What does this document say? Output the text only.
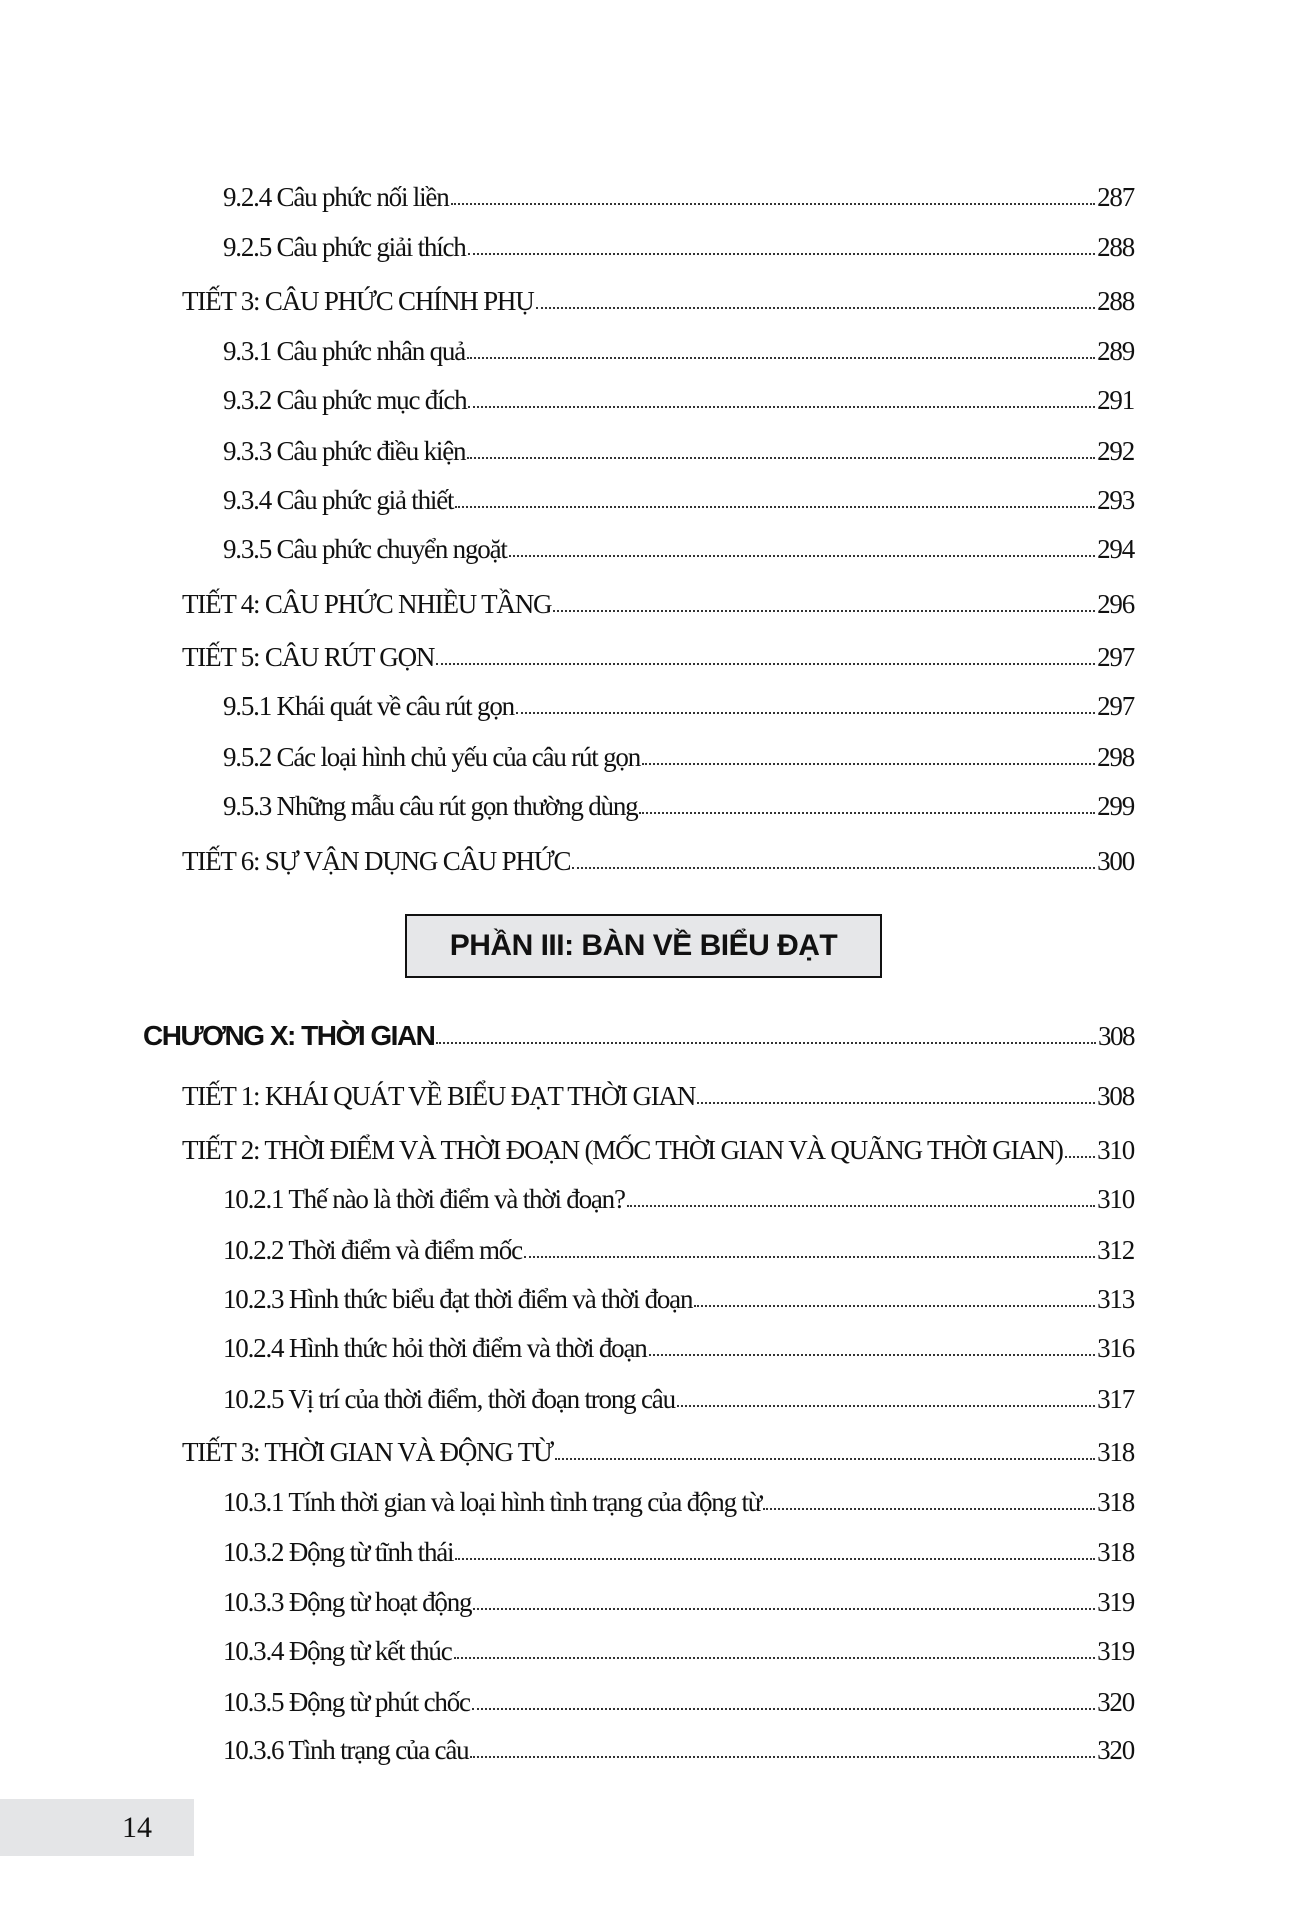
9.2.4 Câu phức nối liền	287
9.2.5 Câu phức giải thích	288
TIẾT 3: CÂU PHỨC CHÍNH PHỤ	288
9.3.1 Câu phức nhân quả	289
9.3.2 Câu phức mục đích	291
9.3.3 Câu phức điều kiện	292
9.3.4 Câu phức giả thiết	293
9.3.5 Câu phức chuyển ngoặt	294
TIẾT 4: CÂU PHỨC NHIỀU TẦNG	296
TIẾT 5: CÂU RÚT GỌN	297
9.5.1 Khái quát về câu rút gọn	297
9.5.2 Các loại hình chủ yếu của câu rút gọn	298
9.5.3 Những mẫu câu rút gọn thường dùng	299
TIẾT 6: SỰ VẬN DỤNG CÂU PHỨC	300
CHƯƠNG X: THỜI GIAN	308
TIẾT 1: KHÁI QUÁT VỀ BIỂU ĐẠT THỜI GIAN	308
TIẾT 2: THỜI ĐIỂM VÀ THỜI ĐOẠN (MỐC THỜI GIAN VÀ QUÃNG THỜI GIAN) 310
10.2.1 Thế nào là thời điểm và thời đoạn?	310
10.2.2 Thời điểm và điểm mốc	312
10.2.3 Hình thức biểu đạt thời điểm và thời đoạn	313
10.2.4 Hình thức hỏi thời điểm và thời đoạn	316
10.2.5 Vị trí của thời điểm, thời đoạn trong câu	317
TIẾT 3: THỜI GIAN VÀ ĐỘNG TỪ	318
10.3.1 Tính thời gian và loại hình tình trạng của động từ	318
10.3.2 Động từ tĩnh thái	318
10.3.3 Động từ hoạt động	319
10.3.4 Động từ kết thúc	319
10.3.5 Động từ phút chốc	320
10.3.6 Tình trạng của câu	320
PHẦN III: BÀN VỀ BIỂU ĐẠT
14
